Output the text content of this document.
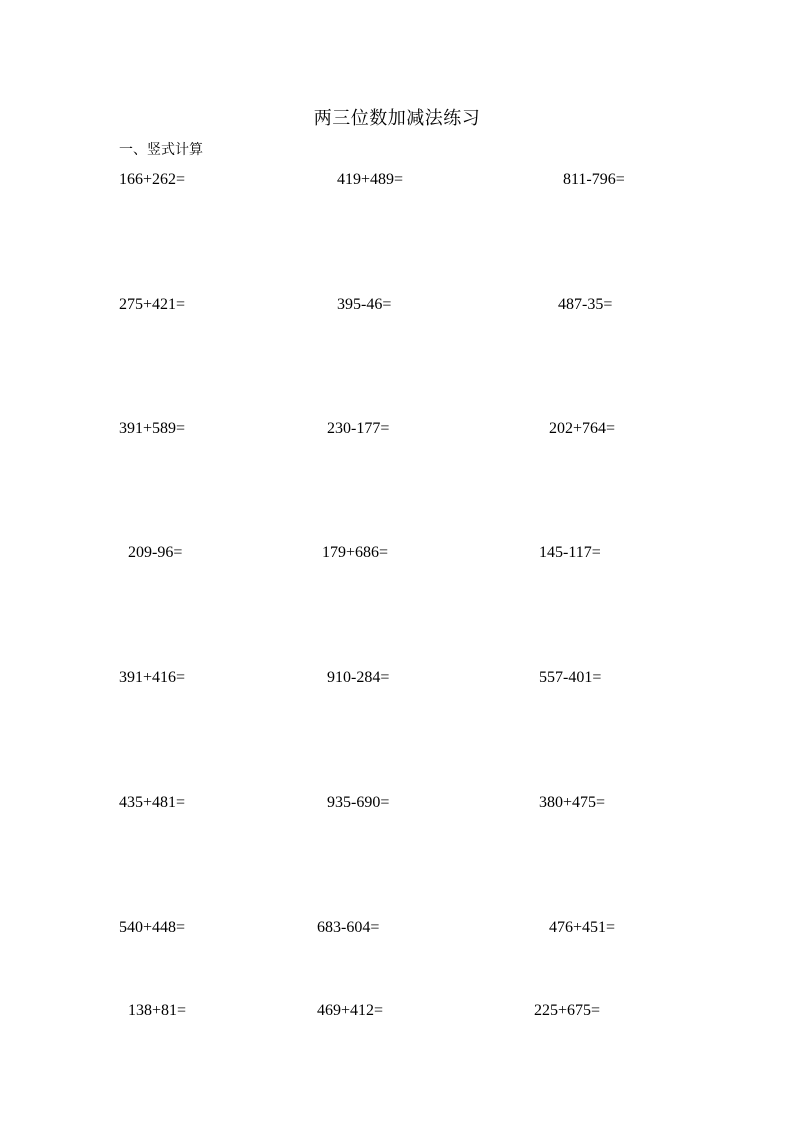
两三位数加减法练习
一、竖式计算
166+262=	419+489=	811-796=
275+421=	395-46=	487-35=
391+589=	230-177=	202+764=
209-96=	179+686=	145-117=
391+416=	910-284=	557-401=
435+481=	935-690=	380+475=
540+448=	683-604=	476+451=
138+81=	469+412=	225+675=
